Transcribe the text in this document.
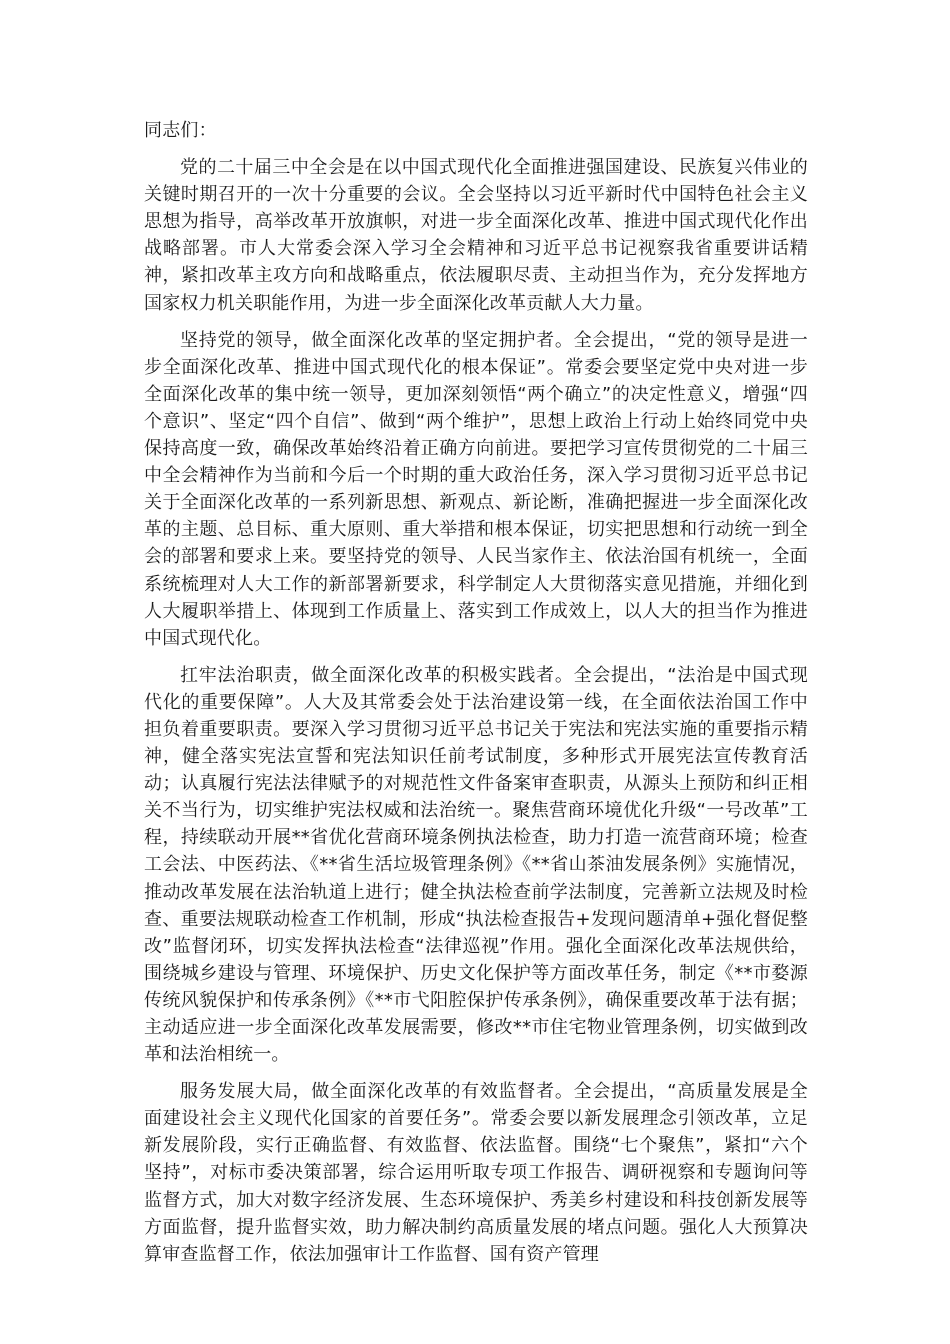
同志们：

党的二十届三中全会是在以中国式现代化全面推进强国建设、民族复兴伟业的关键时期召开的一次十分重要的会议。全会坚持以习近平新时代中国特色社会主义思想为指导，高举改革开放旗帜，对进一步全面深化改革、推进中国式现代化作出战略部署。市人大常委会深入学习全会精神和习近平总书记视察我省重要讲话精神，紧扣改革主攻方向和战略重点，依法履职尽责、主动担当作为，充分发挥地方国家权力机关职能作用，为进一步全面深化改革贡献人大力量。

坚持党的领导，做全面深化改革的坚定拥护者。全会提出，“党的领导是进一步全面深化改革、推进中国式现代化的根本保证”。常委会要坚定党中央对进一步全面深化改革的集中统一领导，更加深刻领悟“两个确立”的决定性意义，增强“四个意识”、坚定“四个自信”、做到“两个维护”，思想上政治上行动上始终同党中央保持高度一致，确保改革始终沿着正确方向前进。要把学习宣传贯彻党的二十届三中全会精神作为当前和今后一个时期的重大政治任务，深入学习贯彻习近平总书记关于全面深化改革的一系列新思想、新观点、新论断，准确把握进一步全面深化改革的主题、总目标、重大原则、重大举措和根本保证，切实把思想和行动统一到全会的部署和要求上来。要坚持党的领导、人民当家作主、依法治国有机统一，全面系统梳理对人大工作的新部署新要求，科学制定人大贯彻落实意见措施，并细化到人大履职举措上、体现到工作质量上、落实到工作成效上，以人大的担当作为推进中国式现代化。

扛牢法治职责，做全面深化改革的积极实践者。全会提出，“法治是中国式现代化的重要保障”。人大及其常委会处于法治建设第一线，在全面依法治国工作中担负着重要职责。要深入学习贯彻习近平总书记关于宪法和宪法实施的重要指示精神，健全落实宪法宣誓和宪法知识任前考试制度，多种形式开展宪法宣传教育活动；认真履行宪法法律赋予的对规范性文件备案审查职责，从源头上预防和纠正相关不当行为，切实维护宪法权威和法治统一。聚焦营商环境优化升级“一号改革”工程，持续联动开展**省优化营商环境条例执法检查，助力打造一流营商环境；检查工会法、中医药法、《**省生活垃圾管理条例》《**省山茶油发展条例》实施情况，推动改革发展在法治轨道上进行；健全执法检查前学法制度，完善新立法规及时检查、重要法规联动检查工作机制，形成“执法检查报告+发现问题清单+强化督促整改”监督闭环，切实发挥执法检查“法律巡视”作用。强化全面深化改革法规供给，围绕城乡建设与管理、环境保护、历史文化保护等方面改革任务，制定《**市婺源传统风貌保护和传承条例》《**市弋阳腔保护传承条例》，确保重要改革于法有据；主动适应进一步全面深化改革发展需要，修改**市住宅物业管理条例，切实做到改革和法治相统一。

服务发展大局，做全面深化改革的有效监督者。全会提出，“高质量发展是全面建设社会主义现代化国家的首要任务”。常委会要以新发展理念引领改革，立足新发展阶段，实行正确监督、有效监督、依法监督。围绕“七个聚焦”，紧扣“六个坚持”，对标市委决策部署，综合运用听取专项工作报告、调研视察和专题询问等监督方式，加大对数字经济发展、生态环境保护、秀美乡村建设和科技创新发展等方面监督，提升监督实效，助力解决制约高质量发展的堵点问题。强化人大预算决算审查监督工作，依法加强审计工作监督、国有资产管理
